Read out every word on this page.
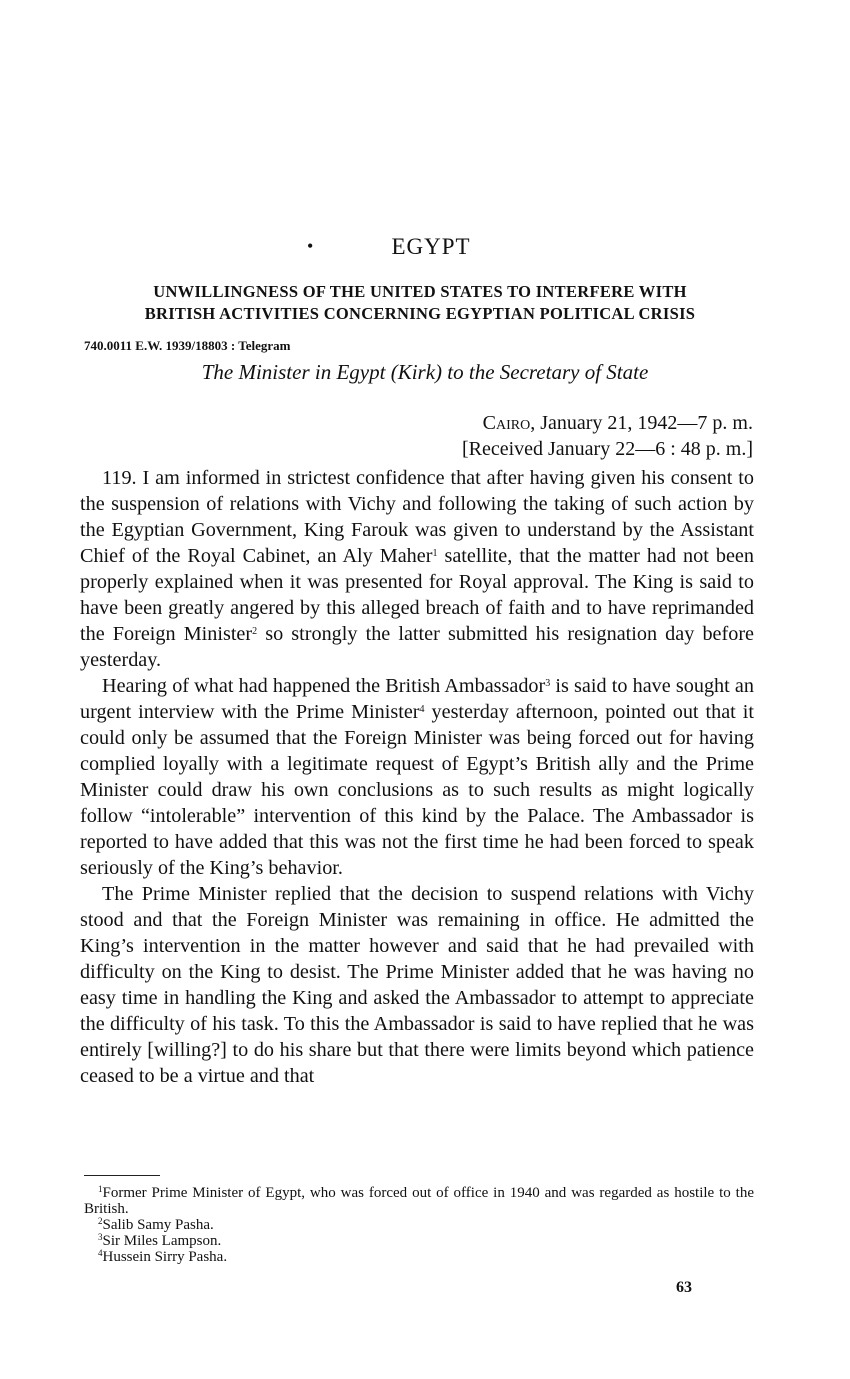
•	EGYPT
UNWILLINGNESS OF THE UNITED STATES TO INTERFERE WITH
BRITISH ACTIVITIES CONCERNING EGYPTIAN POLITICAL CRISIS
740.0011 E.W. 1939/18803 : Telegram
The Minister in Egypt (Kirk) to the Secretary of State
Cairo, January 21, 1942—7 p. m.
[Received January 22—6 : 48 p. m.]

119. I am informed in strictest confidence that after having given his consent to the suspension of relations with Vichy and following the taking of such action by the Egyptian Government, King Farouk was given to understand by the Assistant Chief of the Royal Cabinet, an Aly Maher$^1$ satellite, that the matter had not been properly explained when it was presented for Royal approval. The King is said to have been greatly angered by this alleged breach of faith and to have reprimanded the Foreign Minister$^2$ so strongly the latter submitted his resignation day before yesterday.

Hearing of what had happened the British Ambassador$^3$ is said to have sought an urgent interview with the Prime Minister$^4$ yesterday afternoon, pointed out that it could only be assumed that the Foreign Minister was being forced out for having complied loyally with a legitimate request of Egypt’s British ally and the Prime Minister could draw his own conclusions as to such results as might logically follow “intolerable” intervention of this kind by the Palace. The Ambassador is reported to have added that this was not the first time he had been forced to speak seriously of the King’s behavior.

The Prime Minister replied that the decision to suspend relations with Vichy stood and that the Foreign Minister was remaining in office. He admitted the King’s intervention in the matter however and said that he had prevailed with difficulty on the King to desist. The Prime Minister added that he was having no easy time in handling the King and asked the Ambassador to attempt to appreciate the difficulty of his task. To this the Ambassador is said to have replied that he was entirely [willing?] to do his share but that there were limits beyond which patience ceased to be a virtue and that

$^1$Former Prime Minister of Egypt, who was forced out of office in 1940 and was regarded as hostile to the British.

$^2$Salib Samy Pasha.

$^3$Sir Miles Lampson.

$^4$Hussein Sirry Pasha.

63
